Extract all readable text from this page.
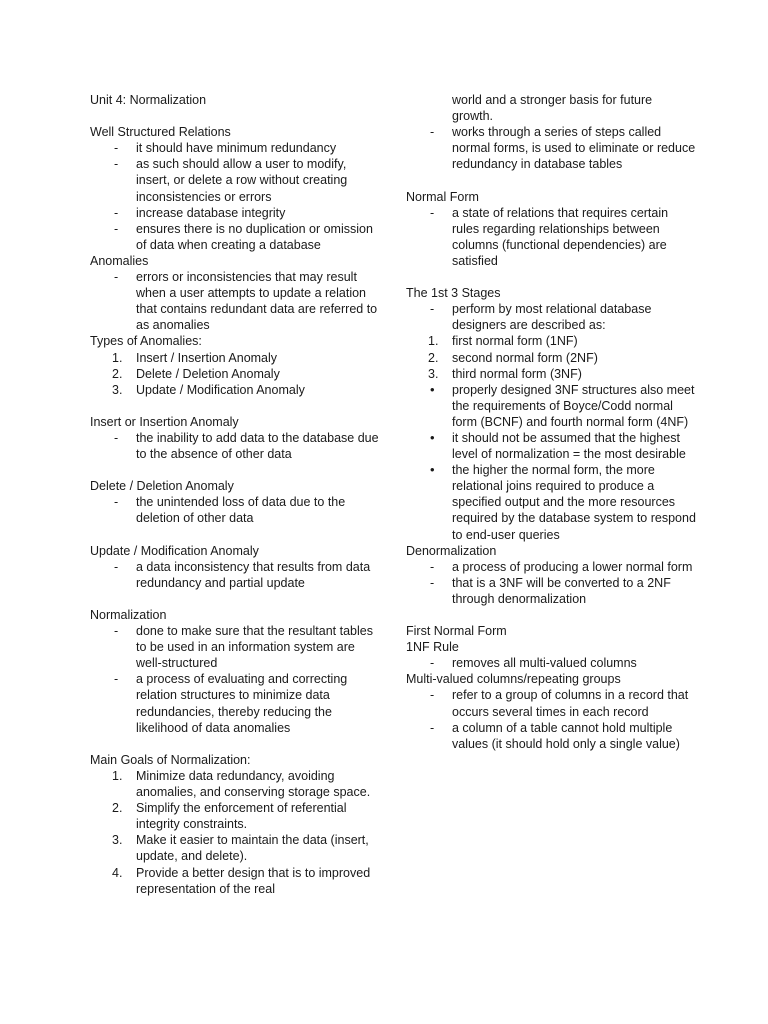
Unit 4: Normalization
Well Structured Relations
-	it should have minimum redundancy
-	as such should allow a user to modify, insert, or delete a row without creating inconsistencies or errors
-	increase database integrity
-	ensures there is no duplication or omission of data when creating a database
Anomalies
-	errors or inconsistencies that may result when a user attempts to update a relation that contains redundant data are referred to as anomalies
Types of Anomalies:
1.	Insert / Insertion Anomaly
2.	Delete / Deletion Anomaly
3.	Update / Modification Anomaly
Insert or Insertion Anomaly
-	the inability to add data to the database due to the absence of other data
Delete / Deletion Anomaly
-	the unintended loss of data due to the deletion of other data
Update / Modification Anomaly
-	a data inconsistency that results from data redundancy and partial update
Normalization
-	done to make sure that the resultant tables to be used in an information system are well-structured
-	a process of evaluating and correcting relation structures to minimize data redundancies, thereby reducing the likelihood of data anomalies
Main Goals of Normalization:
1.	Minimize data redundancy, avoiding anomalies, and conserving storage space.
2.	Simplify the enforcement of referential integrity constraints.
3.	Make it easier to maintain the data (insert, update, and delete).
4.	Provide a better design that is to improved representation of the real
world and a stronger basis for future growth.
-	works through a series of steps called normal forms, is used to eliminate or reduce redundancy in database tables
Normal Form
-	a state of relations that requires certain rules regarding relationships between columns (functional dependencies) are satisfied
The 1st 3 Stages
-	perform by most relational database designers are described as:
1.	first normal form (1NF)
2.	second normal form (2NF)
3.	third normal form (3NF)
•	properly designed 3NF structures also meet the requirements of Boyce/Codd normal form (BCNF) and fourth normal form (4NF)
•	it should not be assumed that the highest level of normalization = the most desirable
•	the higher the normal form, the more relational joins required to produce a specified output and the more resources required by the database system to respond to end-user queries
Denormalization
-	a process of producing a lower normal form
-	that is a 3NF will be converted to a 2NF through denormalization
First Normal Form
1NF Rule
-	removes all multi-valued columns
Multi-valued columns/repeating groups
-	refer to a group of columns in a record that occurs several times in each record
-	a column of a table cannot hold multiple values (it should hold only a single value)
